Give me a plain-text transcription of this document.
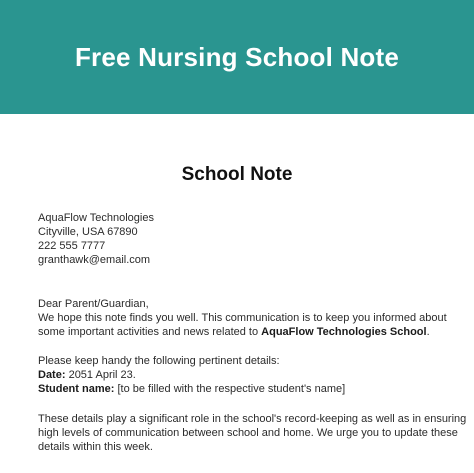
Free Nursing School Note
School Note
AquaFlow Technologies
Cityville, USA 67890
222 555 7777
granthawk@email.com
Dear Parent/Guardian,
We hope this note finds you well. This communication is to keep you informed about
some important activities and news related to AquaFlow Technologies School.
Please keep handy the following pertinent details:
Date: 2051 April 23.
Student name: [to be filled with the respective student's name]
These details play a significant role in the school's record-keeping as well as in ensuring
high levels of communication between school and home. We urge you to update these
details within this week.
